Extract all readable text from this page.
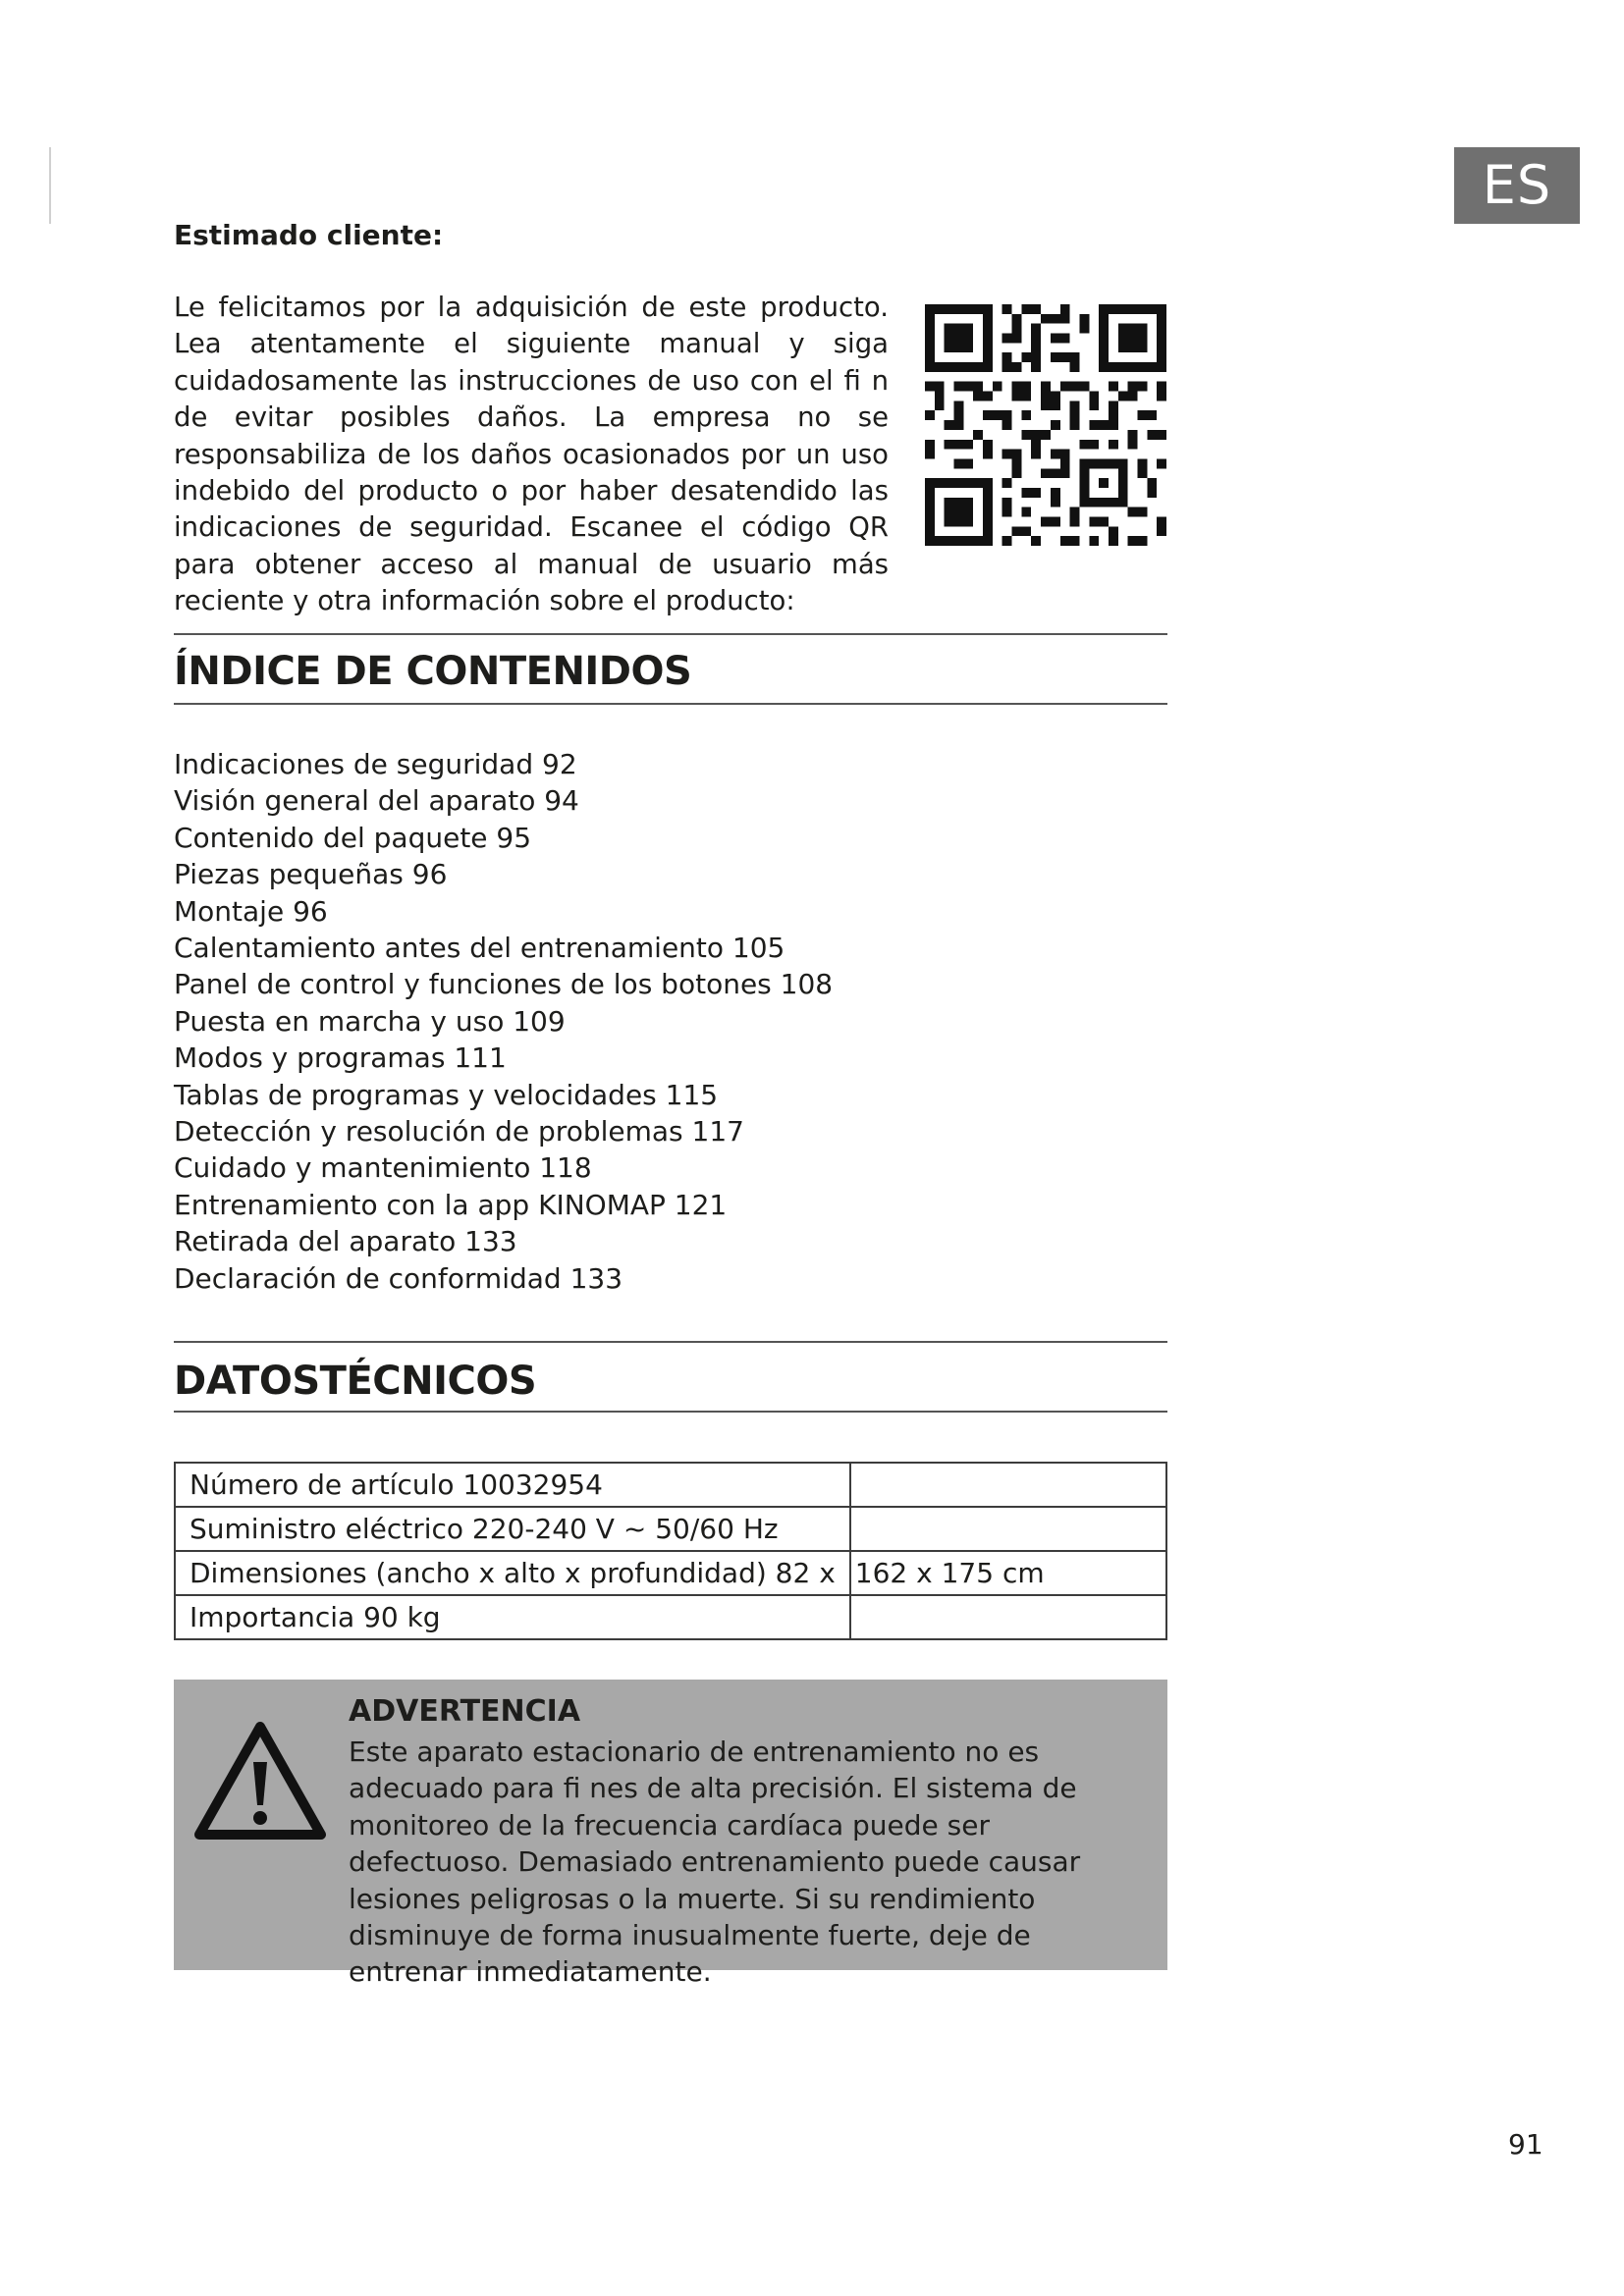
ES
Estimado cliente:
Le felicitamos por la adquisición de este producto. Lea atentamente el siguiente manual y siga cuidadosamente las instrucciones de uso con el fi n de evitar posibles daños. La empresa no se responsabiliza de los daños ocasionados por un uso indebido del producto o por haber desatendido las indicaciones de seguridad. Escanee el código QR para obtener acceso al manual de usuario más reciente y otra información sobre el producto:
ÍNDICE DE CONTENIDOS
Indicaciones de seguridad 92
Visión general del aparato 94
Contenido del paquete 95
Piezas pequeñas 96
Montaje 96
Calentamiento antes del entrenamiento 105
Panel de control y funciones de los botones 108
Puesta en marcha y uso 109
Modos y programas 111
Tablas de programas y velocidades 115
Detección y resolución de problemas 117
Cuidado y mantenimiento 118
Entrenamiento con la app KINOMAP 121
Retirada del aparato 133
Declaración de conformidad 133
DATOSTÉCNICOS
Número de artículo 10032954	
Suministro eléctrico 220-240 V ~ 50/60 Hz	
Dimensiones (ancho x alto x profundidad) 82 x	162 x 175 cm
Importancia 90 kg	
ADVERTENCIA
Este aparato estacionario de entrenamiento no es adecuado para fi nes de alta precisión. El sistema de monitoreo de la frecuencia cardíaca puede ser defectuoso. Demasiado entrenamiento puede causar lesiones peligrosas o la muerte. Si su rendimiento disminuye de forma inusualmente fuerte, deje de entrenar inmediatamente.
91
